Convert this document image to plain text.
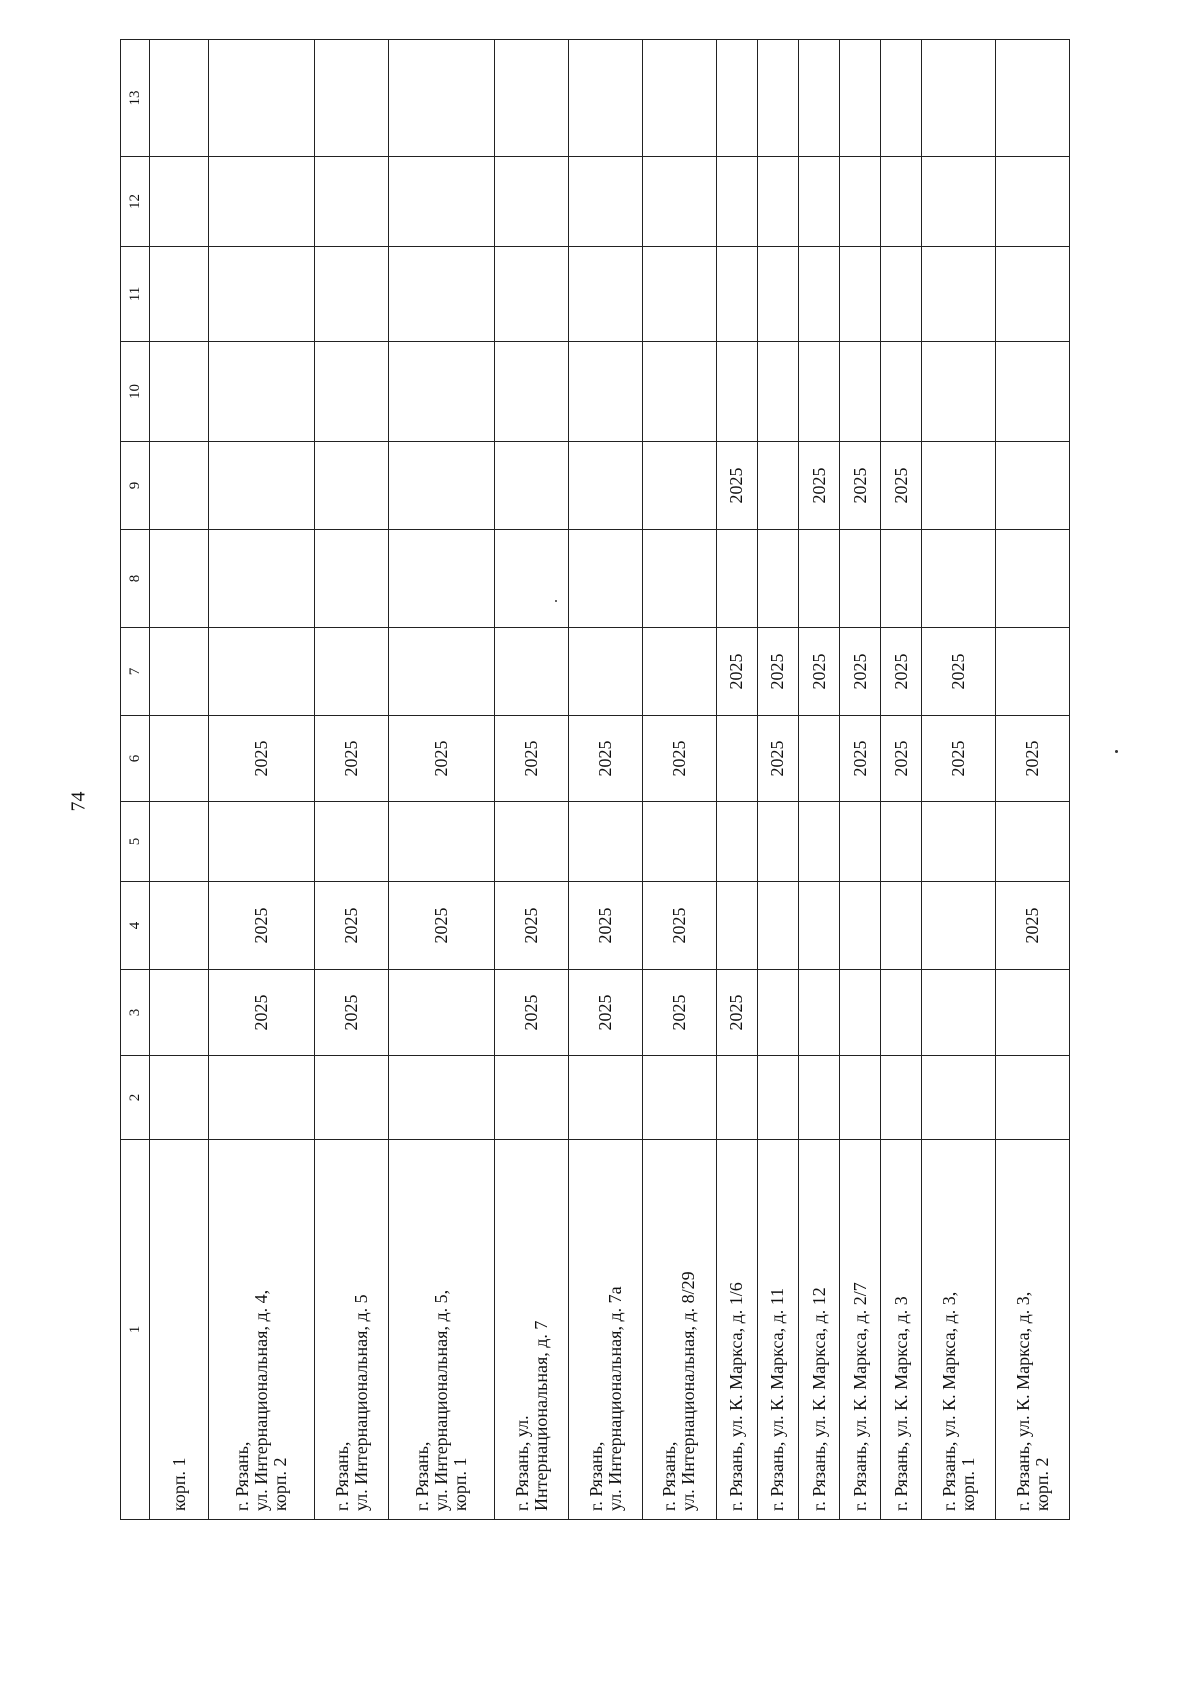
74
1	2	3	4	5	6	7	8	9	10	11	12	13
корп. 1												
г. Рязань,
ул. Интернациональная, д. 4,
корп. 2		2025	2025		2025							
г. Рязань,
ул. Интернациональная, д. 5		2025	2025		2025							
г. Рязань,
ул. Интернациональная, д. 5,
корп. 1			2025		2025							
г. Рязань, ул.
Интернациональная, д. 7		2025	2025		2025							
г. Рязань,
ул. Интернациональная, д. 7а		2025	2025		2025							
г. Рязань,
ул. Интернациональная, д. 8/29		2025	2025		2025							
г. Рязань, ул. К. Маркса, д. 1/6		2025				2025		2025				
г. Рязань, ул. К. Маркса, д. 11					2025	2025						
г. Рязань, ул. К. Маркса, д. 12						2025		2025				
г. Рязань, ул. К. Маркса, д. 2/7					2025	2025		2025				
г. Рязань, ул. К. Маркса, д. 3					2025	2025		2025				
г. Рязань, ул. К. Маркса, д. 3,
корп. 1					2025	2025						
г. Рязань, ул. К. Маркса, д. 3,
корп. 2			2025		2025							
